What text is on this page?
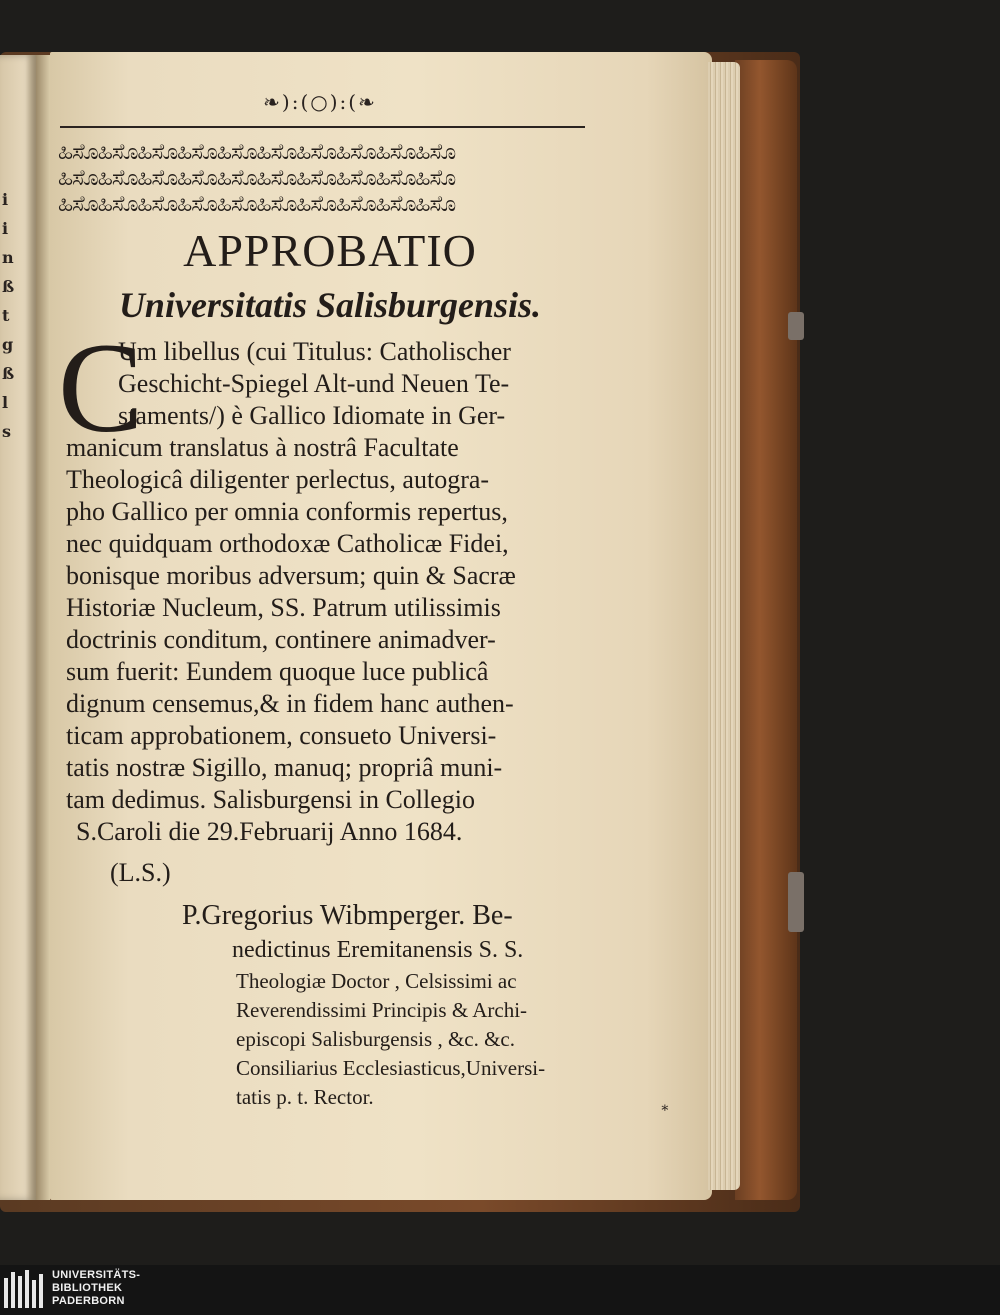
i
i
n
ß
t
g
ß
l
s
❧):(○):(❧
ಹಿಸೊಹಿಸೊಹಿಸೊಹಿಸೊಹಿಸೊಹಿಸೊಹಿಸೊಹಿಸೊಹಿಸೊಹಿಸೊ
ಹಿಸೊಹಿಸೊಹಿಸೊಹಿಸೊಹಿಸೊಹಿಸೊಹಿಸೊಹಿಸೊಹಿಸೊಹಿಸೊ
ಹಿಸೊಹಿಸೊಹಿಸೊಹಿಸೊಹಿಸೊಹಿಸೊಹಿಸೊಹಿಸೊಹಿಸೊಹಿಸೊ
APPROBATIO
Universitatis Salisburgensis.
C
Um libellus (cui Titulus: Catholischer
Geschicht-Spiegel Alt-und Neuen Te-
staments/) è Gallico Idiomate in Ger-
manicum translatus à nostrâ Facultate
Theologicâ diligenter perlectus, autogra-
pho Gallico per omnia conformis repertus,
nec quidquam orthodoxæ Catholicæ Fidei,
bonisque moribus adversum; quin & Sacræ
Historiæ Nucleum, SS. Patrum utilissimis
doctrinis conditum, continere animadver-
sum fuerit: Eundem quoque luce publicâ
dignum censemus,& in fidem hanc authen-
ticam approbationem, consueto Universi-
tatis nostræ Sigillo, manuq; propriâ muni-
tam dedimus. Salisburgensi in Collegio
S.Caroli die 29.Februarij Anno 1684.
(L.S.)
P.Gregorius Wibmperger. Be-
nedictinus Eremitanensis S. S.
Theologiæ Doctor , Celsissimi ac
Reverendissimi Principis & Archi-
episcopi Salisburgensis , &c. &c.
Consiliarius Ecclesiasticus,Universi-
tatis p. t. Rector.	∗
UNIVERSITÄTS-
BIBLIOTHEK
PADERBORN
